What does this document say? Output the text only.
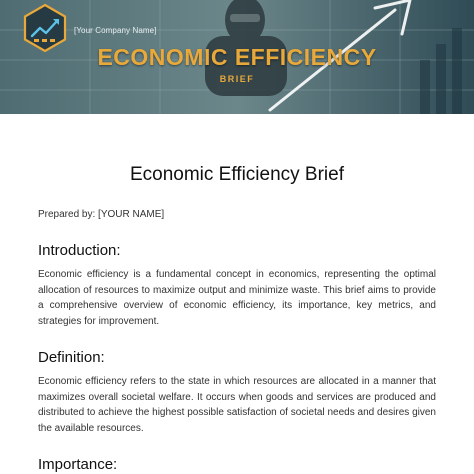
[Your Company Name]
ECONOMIC EFFICIENCY
BRIEF
Economic Efficiency Brief
Prepared by: [YOUR NAME]
Introduction:

Economic efficiency is a fundamental concept in economics, representing the optimal allocation of resources to maximize output and minimize waste. This brief aims to provide a comprehensive overview of economic efficiency, its importance, key metrics, and strategies for improvement.

Definition:

Economic efficiency refers to the state in which resources are allocated in a manner that maximizes overall societal welfare. It occurs when goods and services are produced and distributed to achieve the highest possible satisfaction of societal needs and desires given the available resources.

Importance:
